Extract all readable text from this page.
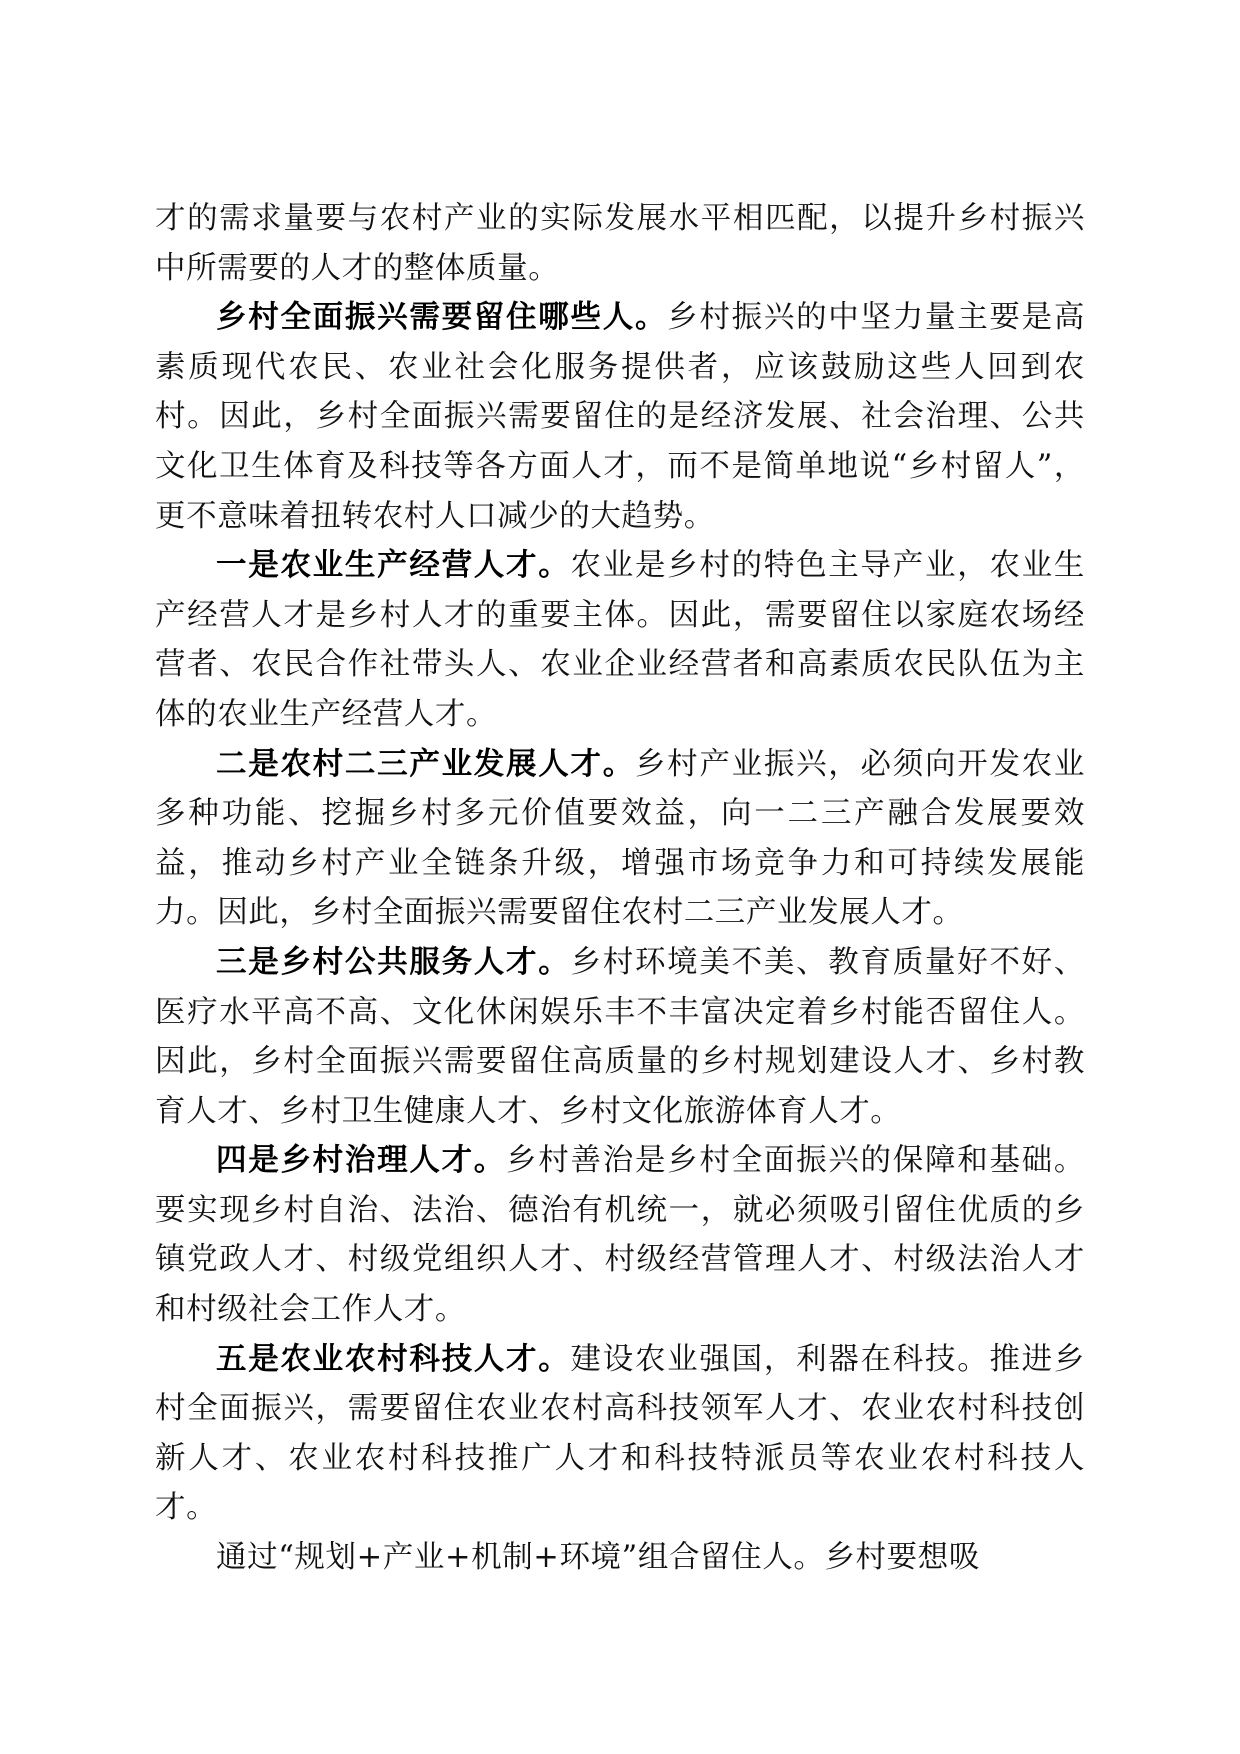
才的需求量要与农村产业的实际发展水平相匹配，以提升乡村振兴中所需要的人才的整体质量。

乡村全面振兴需要留住哪些人。乡村振兴的中坚力量主要是高素质现代农民、农业社会化服务提供者，应该鼓励这些人回到农村。因此，乡村全面振兴需要留住的是经济发展、社会治理、公共文化卫生体育及科技等各方面人才，而不是简单地说“乡村留人”，更不意味着扭转农村人口减少的大趋势。

一是农业生产经营人才。农业是乡村的特色主导产业，农业生产经营人才是乡村人才的重要主体。因此，需要留住以家庭农场经营者、农民合作社带头人、农业企业经营者和高素质农民队伍为主体的农业生产经营人才。

二是农村二三产业发展人才。乡村产业振兴，必须向开发农业多种功能、挖掘乡村多元价值要效益，向一二三产融合发展要效益，推动乡村产业全链条升级，增强市场竞争力和可持续发展能力。因此，乡村全面振兴需要留住农村二三产业发展人才。

三是乡村公共服务人才。乡村环境美不美、教育质量好不好、医疗水平高不高、文化休闲娱乐丰不丰富决定着乡村能否留住人。因此，乡村全面振兴需要留住高质量的乡村规划建设人才、乡村教育人才、乡村卫生健康人才、乡村文化旅游体育人才。

四是乡村治理人才。乡村善治是乡村全面振兴的保障和基础。要实现乡村自治、法治、德治有机统一，就必须吸引留住优质的乡镇党政人才、村级党组织人才、村级经营管理人才、村级法治人才和村级社会工作人才。

五是农业农村科技人才。建设农业强国，利器在科技。推进乡村全面振兴，需要留住农业农村高科技领军人才、农业农村科技创新人才、农业农村科技推广人才和科技特派员等农业农村科技人才。

通过“规划+产业+机制+环境”组合留住人。乡村要想吸
